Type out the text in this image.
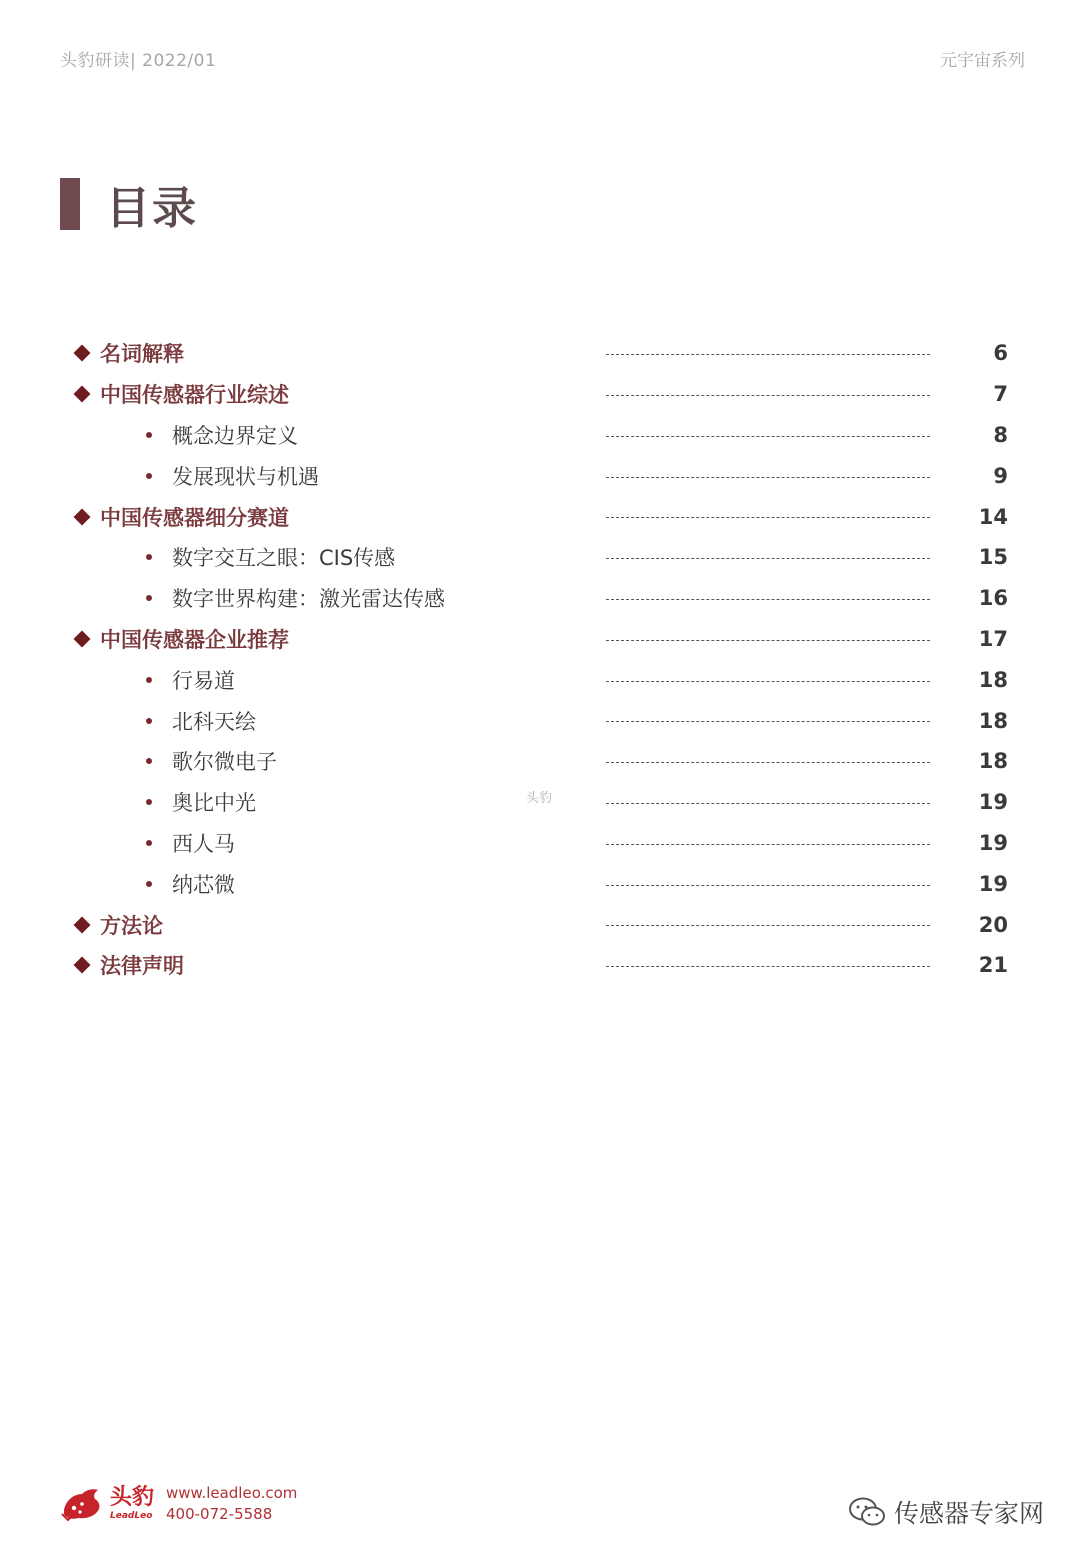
头豹研读| 2022/01	元宇宙系列
目录
名词解释	6
中国传感器行业综述	7
概念边界定义	8
发展现状与机遇	9
中国传感器细分赛道	14
数字交互之眼：CIS传感	15
数字世界构建：激光雷达传感	16
中国传感器企业推荐	17
行易道	18
北科天绘	18
歌尔微电子	18
奥比中光	19
西人马	19
纳芯微	19
方法论	20
法律声明	21
头豹
头豹
LeadLeo
www.leadleo.com
400-072-5588	传感器专家网
